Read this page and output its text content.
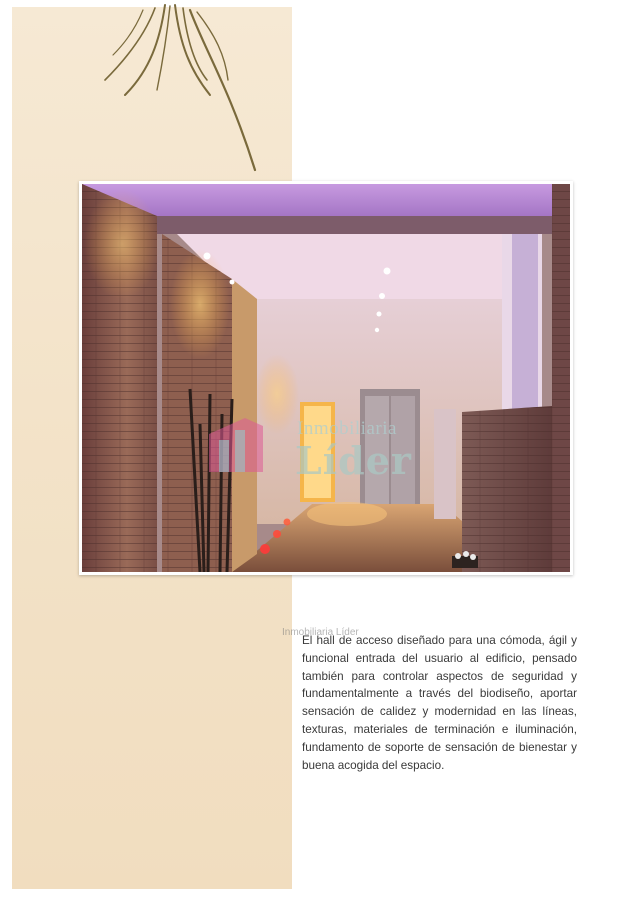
Inmobiliaria
Líder
Inmobiliaria Líder

El hall de acceso diseñado para una cómoda, ágil y funcional entrada del usuario al edificio, pensado también para controlar aspectos de seguridad y fundamentalmente a través del biodiseño, aportar sensación de calidez y modernidad en las líneas, texturas, materiales de terminación e iluminación, fundamento de soporte de sensación de bienestar y buena acogida del espacio.
